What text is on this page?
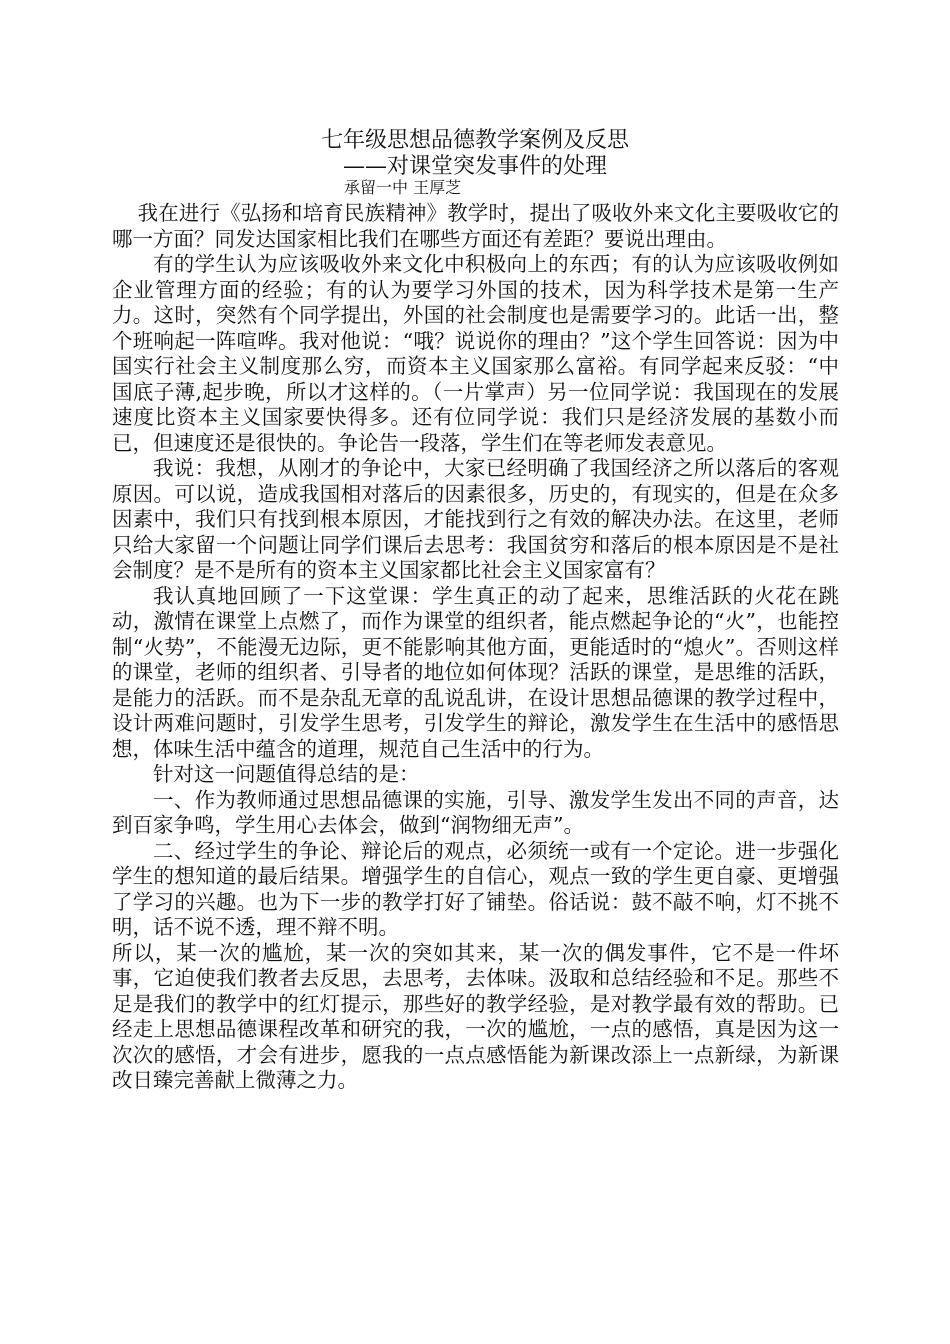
七年级思想品德教学案例及反思
——对课堂突发事件的处理
承留一中 王厚芝

我在进行《弘扬和培育民族精神》教学时，提出了吸收外来文化主要吸收它的哪一方面？同发达国家相比我们在哪些方面还有差距？要说出理由。

有的学生认为应该吸收外来文化中积极向上的东西；有的认为应该吸收例如企业管理方面的经验；有的认为要学习外国的技术，因为科学技术是第一生产力。这时，突然有个同学提出，外国的社会制度也是需要学习的。此话一出，整个班响起一阵喧哗。我对他说：“哦？说说你的理由？”这个学生回答说：因为中国实行社会主义制度那么穷，而资本主义国家那么富裕。有同学起来反驳：“中国底子薄,起步晚，所以才这样的。（一片掌声）另一位同学说：我国现在的发展速度比资本主义国家要快得多。还有位同学说：我们只是经济发展的基数小而已，但速度还是很快的。争论告一段落，学生们在等老师发表意见。

我说：我想，从刚才的争论中，大家已经明确了我国经济之所以落后的客观原因。可以说，造成我国相对落后的因素很多，历史的，有现实的，但是在众多因素中，我们只有找到根本原因，才能找到行之有效的解决办法。在这里，老师只给大家留一个问题让同学们课后去思考：我国贫穷和落后的根本原因是不是社会制度？是不是所有的资本主义国家都比社会主义国家富有？

我认真地回顾了一下这堂课：学生真正的动了起来，思维活跃的火花在跳动，激情在课堂上点燃了，而作为课堂的组织者，能点燃起争论的“火”，也能控制“火势”，不能漫无边际，更不能影响其他方面，更能适时的“熄火”。否则这样的课堂，老师的组织者、引导者的地位如何体现？活跃的课堂，是思维的活跃，是能力的活跃。而不是杂乱无章的乱说乱讲，在设计思想品德课的教学过程中，设计两难问题时，引发学生思考，引发学生的辩论，激发学生在生活中的感悟思想，体味生活中蕴含的道理，规范自己生活中的行为。

针对这一问题值得总结的是：

一、作为教师通过思想品德课的实施，引导、激发学生发出不同的声音，达到百家争鸣，学生用心去体会，做到“润物细无声”。

二、经过学生的争论、辩论后的观点，必须统一或有一个定论。进一步强化学生的想知道的最后结果。增强学生的自信心，观点一致的学生更自豪、更增强了学习的兴趣。也为下一步的教学打好了铺垫。俗话说：鼓不敲不响，灯不挑不明，话不说不透，理不辩不明。

所以，某一次的尴尬，某一次的突如其来，某一次的偶发事件，它不是一件坏事，它迫使我们教者去反思，去思考，去体味。汲取和总结经验和不足。那些不足是我们的教学中的红灯提示，那些好的教学经验，是对教学最有效的帮助。已经走上思想品德课程改革和研究的我，一次的尴尬，一点的感悟，真是因为这一次次的感悟，才会有进步，愿我的一点点感悟能为新课改添上一点新绿，为新课改日臻完善献上微薄之力。
